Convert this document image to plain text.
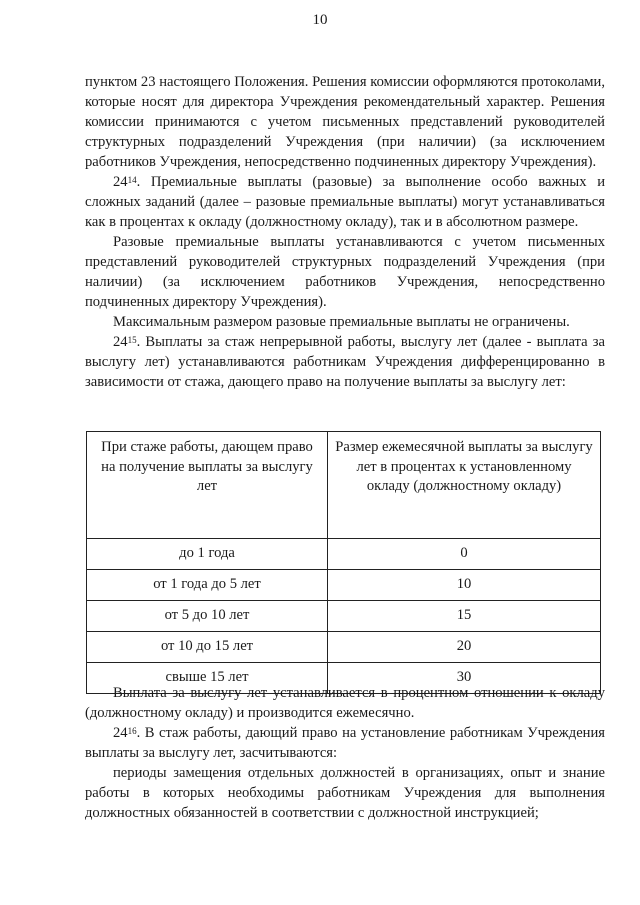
10

пунктом 23 настоящего Положения. Решения комиссии оформляются протоколами, которые носят для директора Учреждения рекомендательный характер. Решения комиссии принимаются с учетом письменных представлений руководителей структурных подразделений Учреждения (при наличии) (за исключением работников Учреждения, непосредственно подчиненных директору Учреждения).

$24^{14}$. Премиальные выплаты (разовые) за выполнение особо важных и сложных заданий (далее – разовые премиальные выплаты) могут устанавливаться как в процентах к окладу (должностному окладу), так и в абсолютном размере.

Разовые премиальные выплаты устанавливаются с учетом письменных представлений руководителей структурных подразделений Учреждения (при наличии) (за исключением работников Учреждения, непосредственно подчиненных директору Учреждения).

Максимальным размером разовые премиальные выплаты не ограничены.

$24^{15}$. Выплаты за стаж непрерывной работы, выслугу лет (далее - выплата за выслугу лет) устанавливаются работникам Учреждения дифференцированно в зависимости от стажа, дающего право на получение выплаты за выслугу лет:

При стаже работы, дающем право на получение выплаты за выслугу лет	Размер ежемесячной выплаты за выслугу лет в процентах к установленному окладу (должностному окладу)
до 1 года	0
от 1 года до 5 лет	10
от 5 до 10 лет	15
от 10 до 15 лет	20
свыше 15 лет	30

Выплата за выслугу лет устанавливается в процентном отношении к окладу (должностному окладу) и производится ежемесячно.

$24^{16}$. В стаж работы, дающий право на установление работникам Учреждения выплаты за выслугу лет, засчитываются:

периоды замещения отдельных должностей в организациях, опыт и знание работы в которых необходимы работникам Учреждения для выполнения должностных обязанностей в соответствии с должностной инструкцией;
